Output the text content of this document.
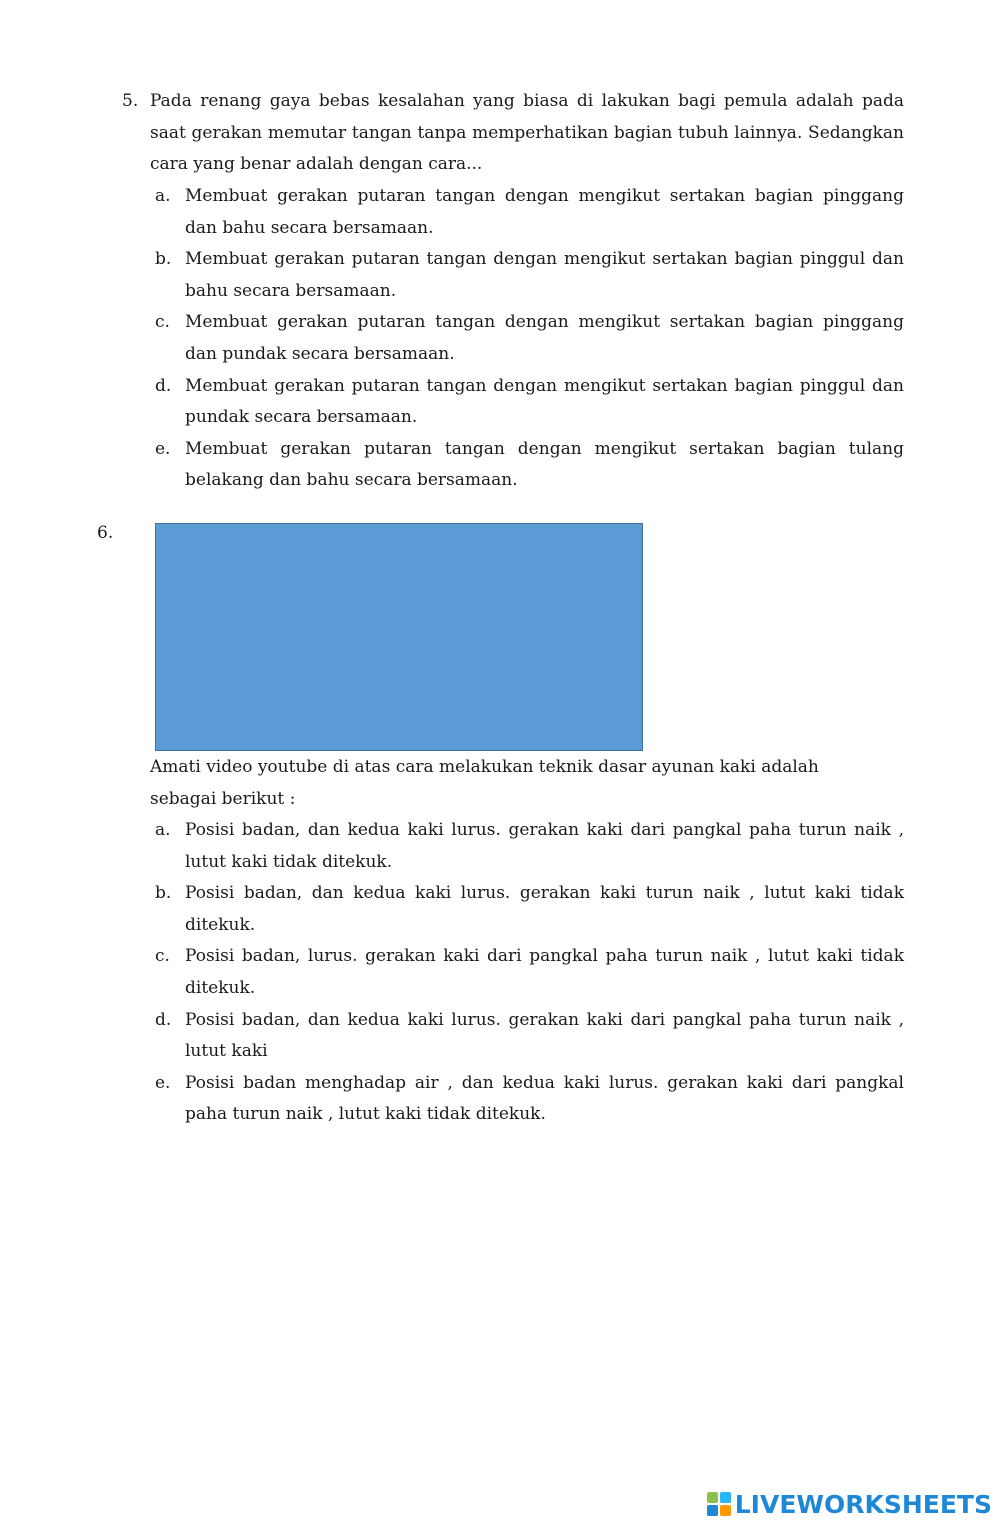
5. Pada renang gaya bebas kesalahan yang biasa di lakukan bagi pemula adalah pada saat gerakan memutar tangan tanpa memperhatikan bagian tubuh lainnya. Sedangkan cara yang benar adalah dengan cara...
a. Membuat gerakan putaran tangan dengan mengikut sertakan bagian pinggang dan bahu secara bersamaan.
b. Membuat gerakan putaran tangan dengan mengikut sertakan bagian pinggul dan bahu secara bersamaan.
c. Membuat gerakan putaran tangan dengan mengikut sertakan bagian pinggang dan pundak secara bersamaan.
d. Membuat gerakan putaran tangan dengan mengikut sertakan bagian pinggul dan pundak secara bersamaan.
e. Membuat gerakan putaran tangan dengan mengikut sertakan bagian tulang belakang dan bahu secara bersamaan.
6.
Amati video youtube di atas cara melakukan teknik dasar ayunan kaki adalah sebagai berikut :
a. Posisi badan, dan kedua kaki lurus. gerakan kaki dari pangkal paha turun naik , lutut kaki tidak ditekuk.
b. Posisi badan, dan kedua kaki lurus. gerakan kaki turun naik , lutut kaki tidak ditekuk.
c. Posisi badan, lurus. gerakan kaki dari pangkal paha turun naik , lutut kaki tidak ditekuk.
d. Posisi badan, dan kedua kaki lurus. gerakan kaki dari pangkal paha turun naik , lutut kaki
e. Posisi badan menghadap air , dan kedua kaki lurus. gerakan kaki dari pangkal paha turun naik , lutut kaki tidak ditekuk.
LIVEWORKSHEETS
